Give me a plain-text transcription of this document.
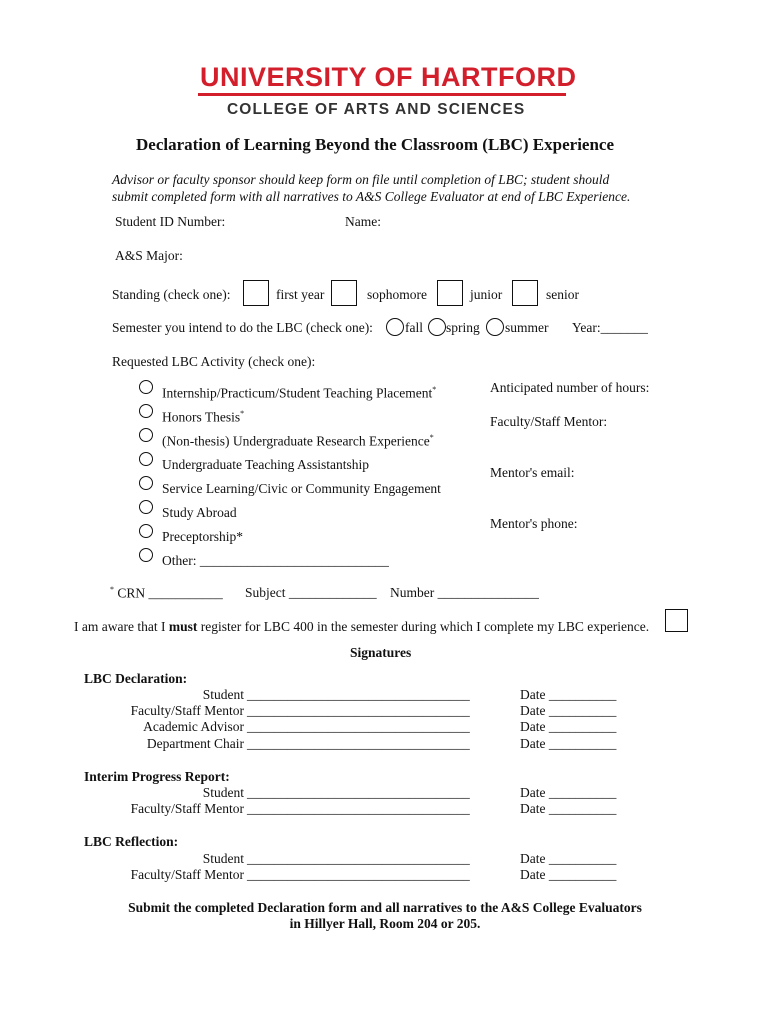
UNIVERSITY OF HARTFORD
COLLEGE OF ARTS AND SCIENCES
Declaration of Learning Beyond the Classroom (LBC) Experience
Advisor or faculty sponsor should keep form on file until completion of LBC; student should
submit completed form with all narratives to A&S College Evaluator at end of LBC Experience.
Student ID Number:	Name:
A&S Major:
Standing (check one):	first year	sophomore	junior	senior
Semester you intend to do the LBC (check one): fall spring summer Year:_______
Requested LBC Activity (check one):
Internship/Practicum/Student Teaching Placement*
Honors Thesis*
(Non-thesis) Undergraduate Research Experience*
Undergraduate Teaching Assistantship
Service Learning/Civic or Community Engagement
Study Abroad
Preceptorship*
Other: ____________________________
Anticipated number of hours:
Faculty/Staff Mentor:
Mentor's email:
Mentor's phone:
* CRN ___________ Subject _____________ Number _______________
I am aware that I must register for LBC 400 in the semester during which I complete my LBC experience.
Signatures
LBC Declaration:
Student _________________________________	Date __________
Faculty/Staff Mentor _________________________________	Date __________
Academic Advisor _________________________________	Date __________
Department Chair _________________________________	Date __________
Interim Progress Report:
Student _________________________________	Date __________
Faculty/Staff Mentor _________________________________	Date __________
LBC Reflection:
Student _________________________________	Date __________
Faculty/Staff Mentor _________________________________	Date __________
Submit the completed Declaration form and all narratives to the A&S College Evaluators
in Hillyer Hall, Room 204 or 205.
